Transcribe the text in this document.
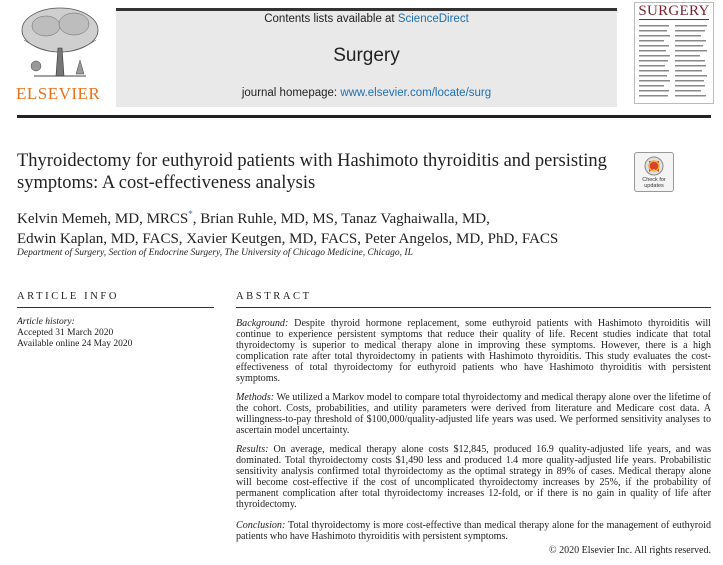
ELSEVIER
Contents lists available at ScienceDirect
Surgery
journal homepage: www.elsevier.com/locate/surg
SURGERY
Thyroidectomy for euthyroid patients with Hashimoto thyroiditis and persisting symptoms: A cost-effectiveness analysis	Check for updates
Kelvin Memeh, MD, MRCS*, Brian Ruhle, MD, MS, Tanaz Vaghaiwalla, MD,
Edwin Kaplan, MD, FACS, Xavier Keutgen, MD, FACS, Peter Angelos, MD, PhD, FACS
Department of Surgery, Section of Endocrine Surgery, The University of Chicago Medicine, Chicago, IL
ARTICLE INFO
Article history:
Accepted 31 March 2020
Available online 24 May 2020
ABSTRACT
Background: Despite thyroid hormone replacement, some euthyroid patients with Hashimoto thyroiditis will continue to experience persistent symptoms that reduce their quality of life. Recent studies indicate that total thyroidectomy is superior to medical therapy alone in improving these symptoms. However, there is a high complication rate after total thyroidectomy in patients with Hashimoto thyroiditis. This study evaluates the cost-effectiveness of total thyroidectomy for euthyroid patients who have Hashimoto thyroiditis with persistent symptoms.
Methods: We utilized a Markov model to compare total thyroidectomy and medical therapy alone over the lifetime of the cohort. Costs, probabilities, and utility parameters were derived from literature and Medicare cost data. A willingness-to-pay threshold of $100,000/quality-adjusted life years was used. We performed sensitivity analyses to ascertain model uncertainty.
Results: On average, medical therapy alone costs $12,845, produced 16.9 quality-adjusted life years, and was dominated. Total thyroidectomy costs $1,490 less and produced 1.4 more quality-adjusted life years. Probabilistic sensitivity analysis confirmed total thyroidectomy as the optimal strategy in 89% of cases. Medical therapy alone will become cost-effective if the cost of uncomplicated thyroidectomy increases by 25%, if the probability of permanent complication after total thyroidectomy increases 12-fold, or if there is no gain in quality of life after thyroidectomy.
Conclusion: Total thyroidectomy is more cost-effective than medical therapy alone for the management of euthyroid patients who have Hashimoto thyroiditis with persistent symptoms.
© 2020 Elsevier Inc. All rights reserved.
